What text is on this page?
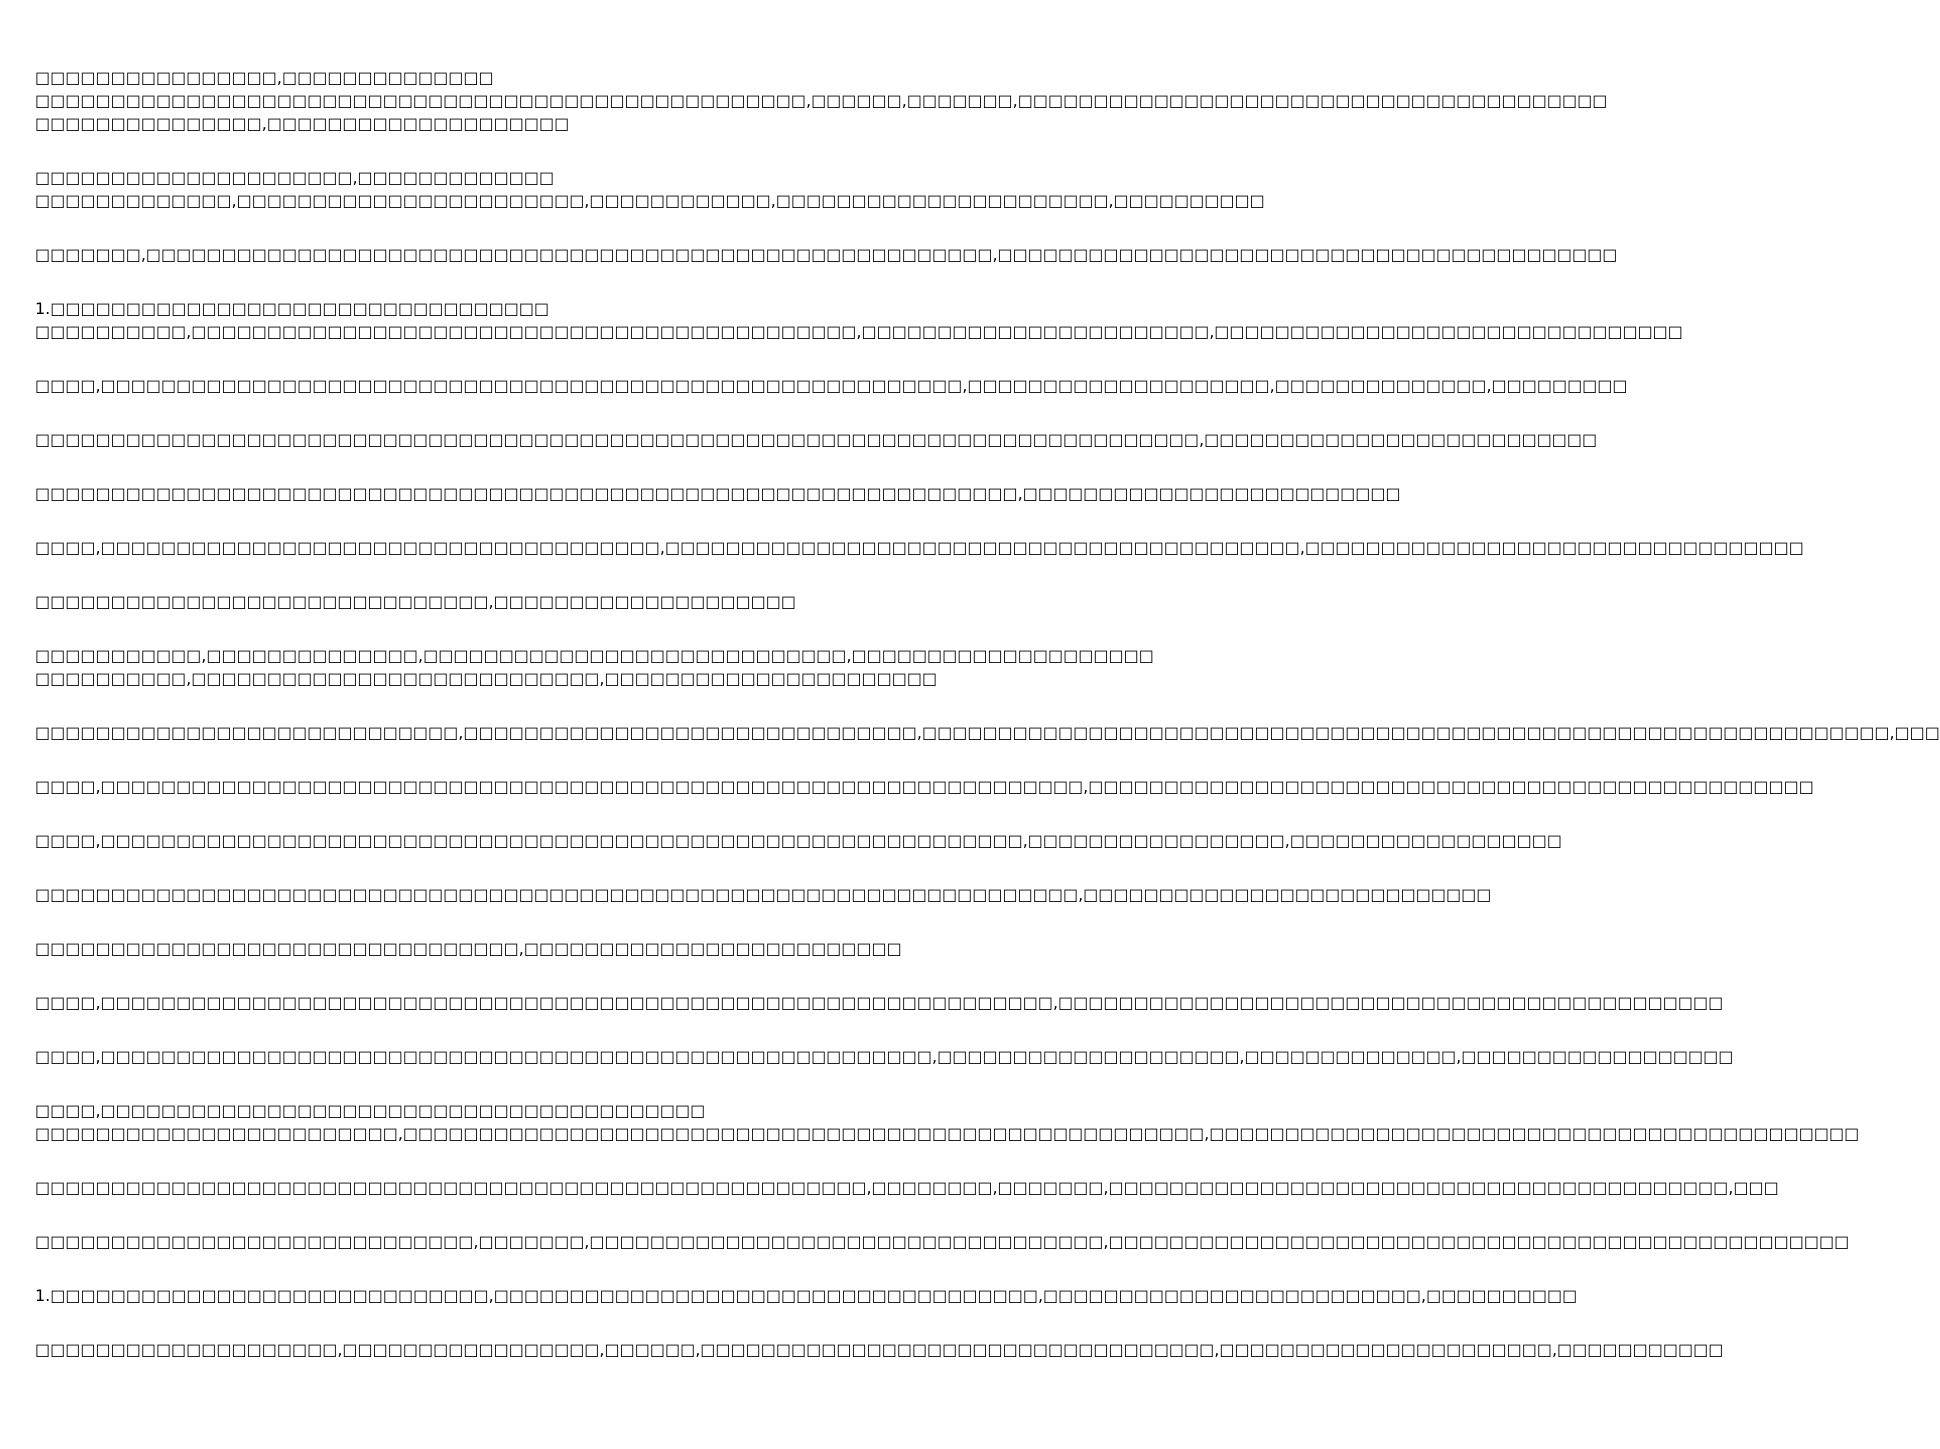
□□□□□□□□□□□□□□□□,□□□□□□□□□□□□□□
□□□□□□□□□□□□□□□□□□□□□□□□□□□□□□□□□□□□□□□□□□□□□□□□□□□,□□□□□□,□□□□□□□,□□□□□□□□□□□□□□□□□□□□□□□□□□□□□□□□□□□□□□□
□□□□□□□□□□□□□□□,□□□□□□□□□□□□□□□□□□□□
□□□□□□□□□□□□□□□□□□□□□,□□□□□□□□□□□□□
□□□□□□□□□□□□□,□□□□□□□□□□□□□□□□□□□□□□□,□□□□□□□□□□□□,□□□□□□□□□□□□□□□□□□□□□□,□□□□□□□□□□
□□□□□□□,□□□□□□□□□□□□□□□□□□□□□□□□□□□□□□□□□□□□□□□□□□□□□□□□□□□□□□□□,□□□□□□□□□□□□□□□□□□□□□□□□□□□□□□□□□□□□□□□□□
1.□□□□□□□□□□□□□□□□□□□□□□□□□□□□□□□□□
□□□□□□□□□□,□□□□□□□□□□□□□□□□□□□□□□□□□□□□□□□□□□□□□□□□□□□□,□□□□□□□□□□□□□□□□□□□□□□□,□□□□□□□□□□□□□□□□□□□□□□□□□□□□□□□
□□□□,□□□□□□□□□□□□□□□□□□□□□□□□□□□□□□□□□□□□□□□□□□□□□□□□□□□□□□□□□,□□□□□□□□□□□□□□□□□□□□,□□□□□□□□□□□□□□,□□□□□□□□□
□□□□□□□□□□□□□□□□□□□□□□□□□□□□□□□□□□□□□□□□□□□□□□□□□□□□□□□□□□□□□□□□□□□□□□□□□□□□□,□□□□□□□□□□□□□□□□□□□□□□□□□□
□□□□□□□□□□□□□□□□□□□□□□□□□□□□□□□□□□□□□□□□□□□□□□□□□□□□□□□□□□□□□□□□□,□□□□□□□□□□□□□□□□□□□□□□□□□
□□□□,□□□□□□□□□□□□□□□□□□□□□□□□□□□□□□□□□□□□□,□□□□□□□□□□□□□□□□□□□□□□□□□□□□□□□□□□□□□□□□□□,□□□□□□□□□□□□□□□□□□□□□□□□□□□□□□□□□
□□□□□□□□□□□□□□□□□□□□□□□□□□□□□□,□□□□□□□□□□□□□□□□□□□□
□□□□□□□□□□□,□□□□□□□□□□□□□□,□□□□□□□□□□□□□□□□□□□□□□□□□□□□,□□□□□□□□□□□□□□□□□□□□
□□□□□□□□□□,□□□□□□□□□□□□□□□□□□□□□□□□□□□,□□□□□□□□□□□□□□□□□□□□□□
□□□□□□□□□□□□□□□□□□□□□□□□□□□□,□□□□□□□□□□□□□□□□□□□□□□□□□□□□□□,□□□□□□□□□□□□□□□□□□□□□□□□□□□□□□□□□□□□□□□□□□□□□□□□□□□□□□□□□□□□□□□□,□□□
□□□□,□□□□□□□□□□□□□□□□□□□□□□□□□□□□□□□□□□□□□□□□□□□□□□□□□□□□□□□□□□□□□□□□□,□□□□□□□□□□□□□□□□□□□□□□□□□□□□□□□□□□□□□□□□□□□□□□□□
□□□□,□□□□□□□□□□□□□□□□□□□□□□□□□□□□□□□□□□□□□□□□□□□□□□□□□□□□□□□□□□□□□,□□□□□□□□□□□□□□□□□,□□□□□□□□□□□□□□□□□□
□□□□□□□□□□□□□□□□□□□□□□□□□□□□□□□□□□□□□□□□□□□□□□□□□□□□□□□□□□□□□□□□□□□□□,□□□□□□□□□□□□□□□□□□□□□□□□□□□
□□□□□□□□□□□□□□□□□□□□□□□□□□□□□□□□,□□□□□□□□□□□□□□□□□□□□□□□□□
□□□□,□□□□□□□□□□□□□□□□□□□□□□□□□□□□□□□□□□□□□□□□□□□□□□□□□□□□□□□□□□□□□□□,□□□□□□□□□□□□□□□□□□□□□□□□□□□□□□□□□□□□□□□□□□□□
□□□□,□□□□□□□□□□□□□□□□□□□□□□□□□□□□□□□□□□□□□□□□□□□□□□□□□□□□□□□,□□□□□□□□□□□□□□□□□□□□,□□□□□□□□□□□□□□,□□□□□□□□□□□□□□□□□□
□□□□,□□□□□□□□□□□□□□□□□□□□□□□□□□□□□□□□□□□□□□□□
□□□□□□□□□□□□□□□□□□□□□□□□,□□□□□□□□□□□□□□□□□□□□□□□□□□□□□□□□□□□□□□□□□□□□□□□□□□□□□,□□□□□□□□□□□□□□□□□□□□□□□□□□□□□□□□□□□□□□□□□□□
□□□□□□□□□□□□□□□□□□□□□□□□□□□□□□□□□□□□□□□□□□□□□□□□□□□□□□□,□□□□□□□□,□□□□□□□,□□□□□□□□□□□□□□□□□□□□□□□□□□□□□□□□□□□□□□□□□,□□□
□□□□□□□□□□□□□□□□□□□□□□□□□□□□□,□□□□□□□,□□□□□□□□□□□□□□□□□□□□□□□□□□□□□□□□□□,□□□□□□□□□□□□□□□□□□□□□□□□□□□□□□□□□□□□□□□□□□□□□□□□□
1.□□□□□□□□□□□□□□□□□□□□□□□□□□□□□,□□□□□□□□□□□□□□□□□□□□□□□□□□□□□□□□□□□□,□□□□□□□□□□□□□□□□□□□□□□□□□,□□□□□□□□□□
□□□□□□□□□□□□□□□□□□□□,□□□□□□□□□□□□□□□□□,□□□□□□,□□□□□□□□□□□□□□□□□□□□□□□□□□□□□□□□□□,□□□□□□□□□□□□□□□□□□□□□□,□□□□□□□□□□□
